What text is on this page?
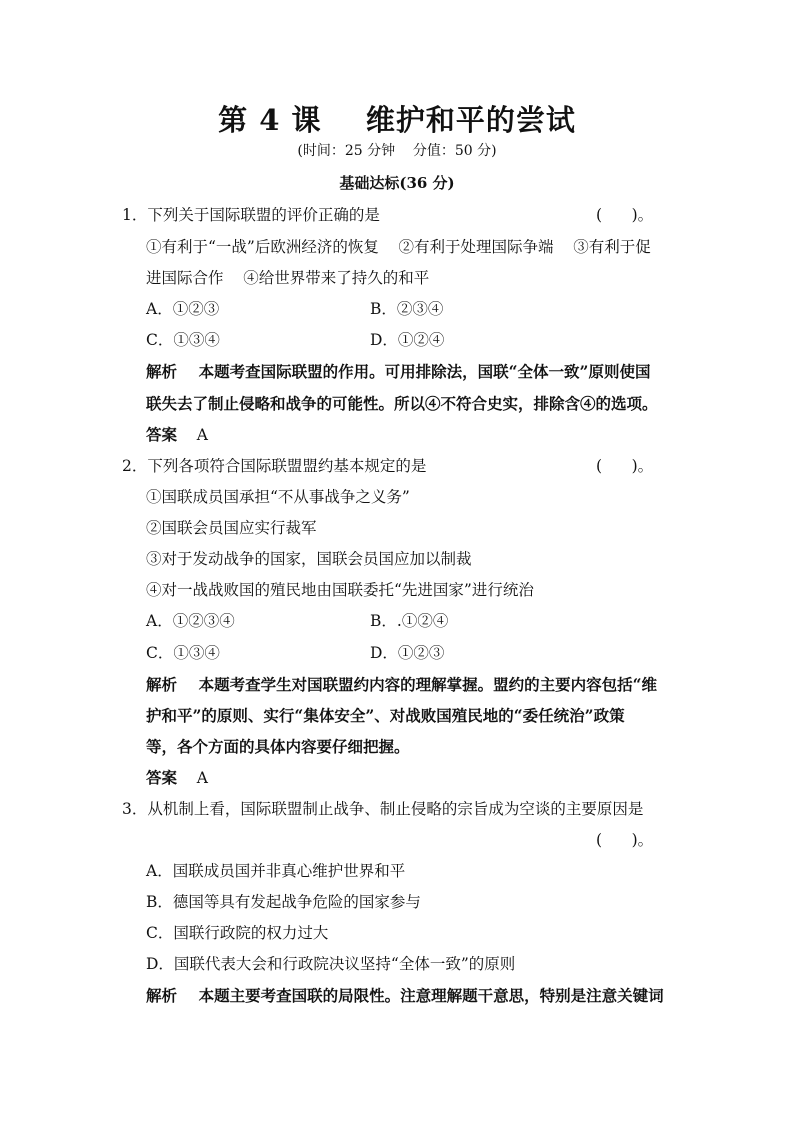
第 4 课    维护和平的尝试
(时间：25 分钟    分值：50 分)
基础达标(36 分)
1．下列关于国际联盟的评价正确的是	(      )。
①有利于“一战”后欧洲经济的恢复    ②有利于处理国际争端    ③有利于促
进国际合作    ④给世界带来了持久的和平
A．①②③	B．②③④
C．①③④	D．①②④
解析 本题考查国际联盟的作用。可用排除法，国联“全体一致”原则使国
联失去了制止侵略和战争的可能性。所以④不符合史实，排除含④的选项。
答案 A
2．下列各项符合国际联盟盟约基本规定的是	(      )。
①国联成员国承担“不从事战争之义务”
②国联会员国应实行裁军
③对于发动战争的国家，国联会员国应加以制裁
④对一战战败国的殖民地由国联委托“先进国家”进行统治
A．①②③④	B．.①②④
C．①③④	D．①②③
解析 本题考查学生对国联盟约内容的理解掌握。盟约的主要内容包括“维
护和平”的原则、实行“集体安全”、对战败国殖民地的“委任统治”政策
等，各个方面的具体内容要仔细把握。
答案 A
3．从机制上看，国际联盟制止战争、制止侵略的宗旨成为空谈的主要原因是
(      )。
A．国联成员国并非真心维护世界和平
B．德国等具有发起战争危险的国家参与
C．国联行政院的权力过大
D．国联代表大会和行政院决议坚持“全体一致”的原则
解析 本题主要考查国联的局限性。注意理解题干意思，特别是注意关键词
